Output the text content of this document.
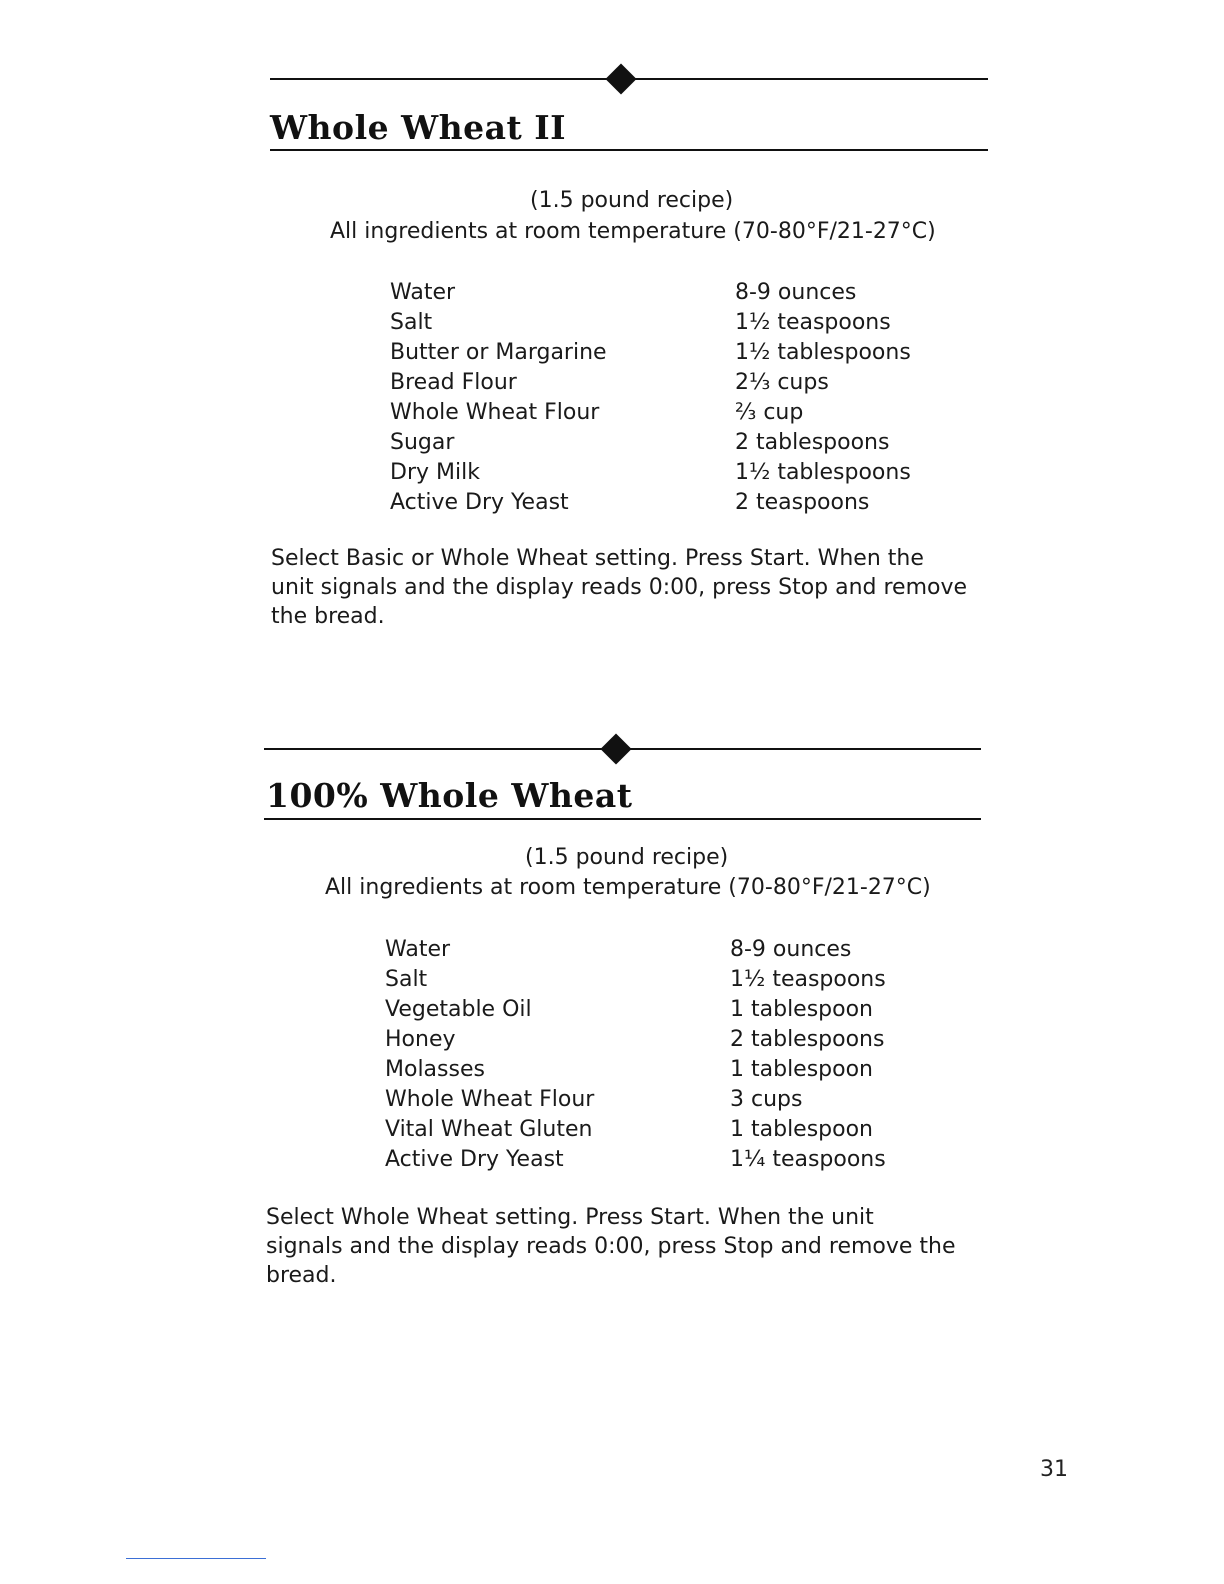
Whole Wheat II
(1.5 pound recipe)
All ingredients at room temperature (70-80°F/21-27°C)
Water	8-9 ounces
Salt	1½ teaspoons
Butter or Margarine	1½ tablespoons
Bread Flour	2⅓ cups
Whole Wheat Flour	⅔ cup
Sugar	2 tablespoons
Dry Milk	1½ tablespoons
Active Dry Yeast	2 teaspoons

Select Basic or Whole Wheat setting. Press Start. When the unit signals and the display reads 0:00, press Stop and remove the bread.

100% Whole Wheat
(1.5 pound recipe)
All ingredients at room temperature (70-80°F/21-27°C)
Water	8-9 ounces
Salt	1½ teaspoons
Vegetable Oil	1 tablespoon
Honey	2 tablespoons
Molasses	1 tablespoon
Whole Wheat Flour	3 cups
Vital Wheat Gluten	1 tablespoon
Active Dry Yeast	1¼ teaspoons

Select Whole Wheat setting. Press Start. When the unit signals and the display reads 0:00, press Stop and remove the bread.

31
